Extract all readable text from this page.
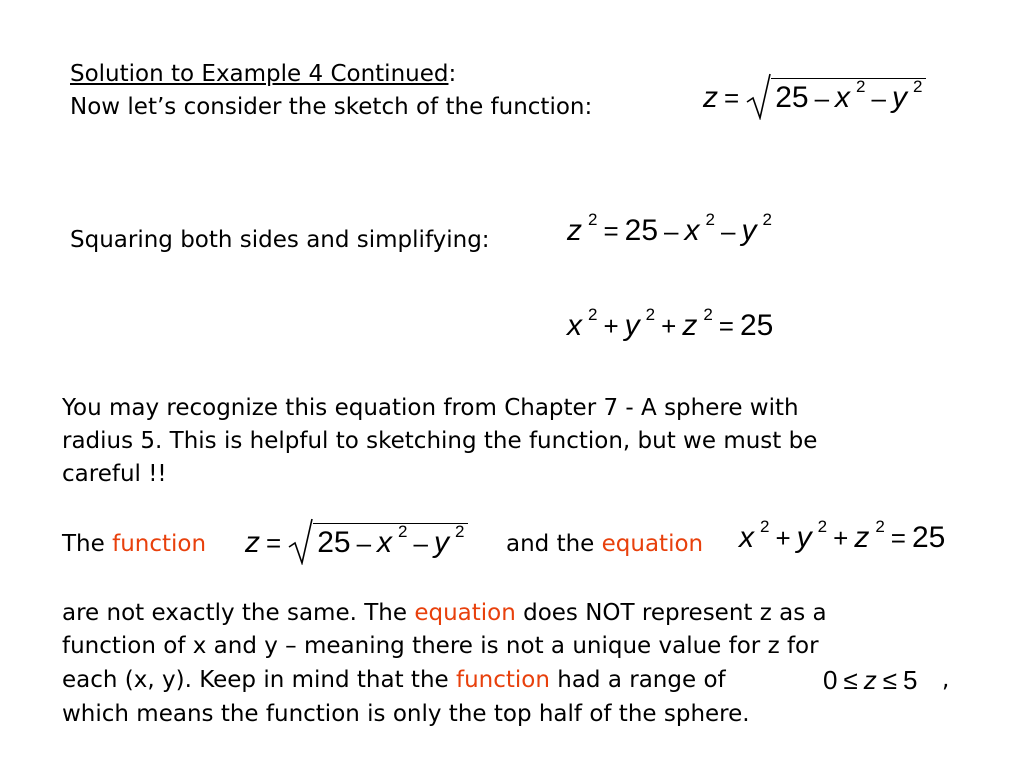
Solution to Example 4 Continued:
Now let’s consider the sketch of the function:	z = 25 – x $^2$ – y $^2$
Squaring both sides and simplifying:	z $^2$ = 25 – x $^2$ – y $^2$
x $^2$ + y $^2$ + z $^2$ = 25
You may recognize this equation from Chapter 7 - A sphere with
radius 5. This is helpful to sketching the function, but we must be
careful !!
The function z = 25 – x $^2$ – y $^2$ and the equation x $^2$ + y $^2$ + z $^2$ = 25
are not exactly the same. The equation does NOT represent z as a
function of x and y – meaning there is not a unique value for z for
each (x, y). Keep in mind that the function had a range of	0 ≤ z ≤ 5 ,
which means the function is only the top half of the sphere.
